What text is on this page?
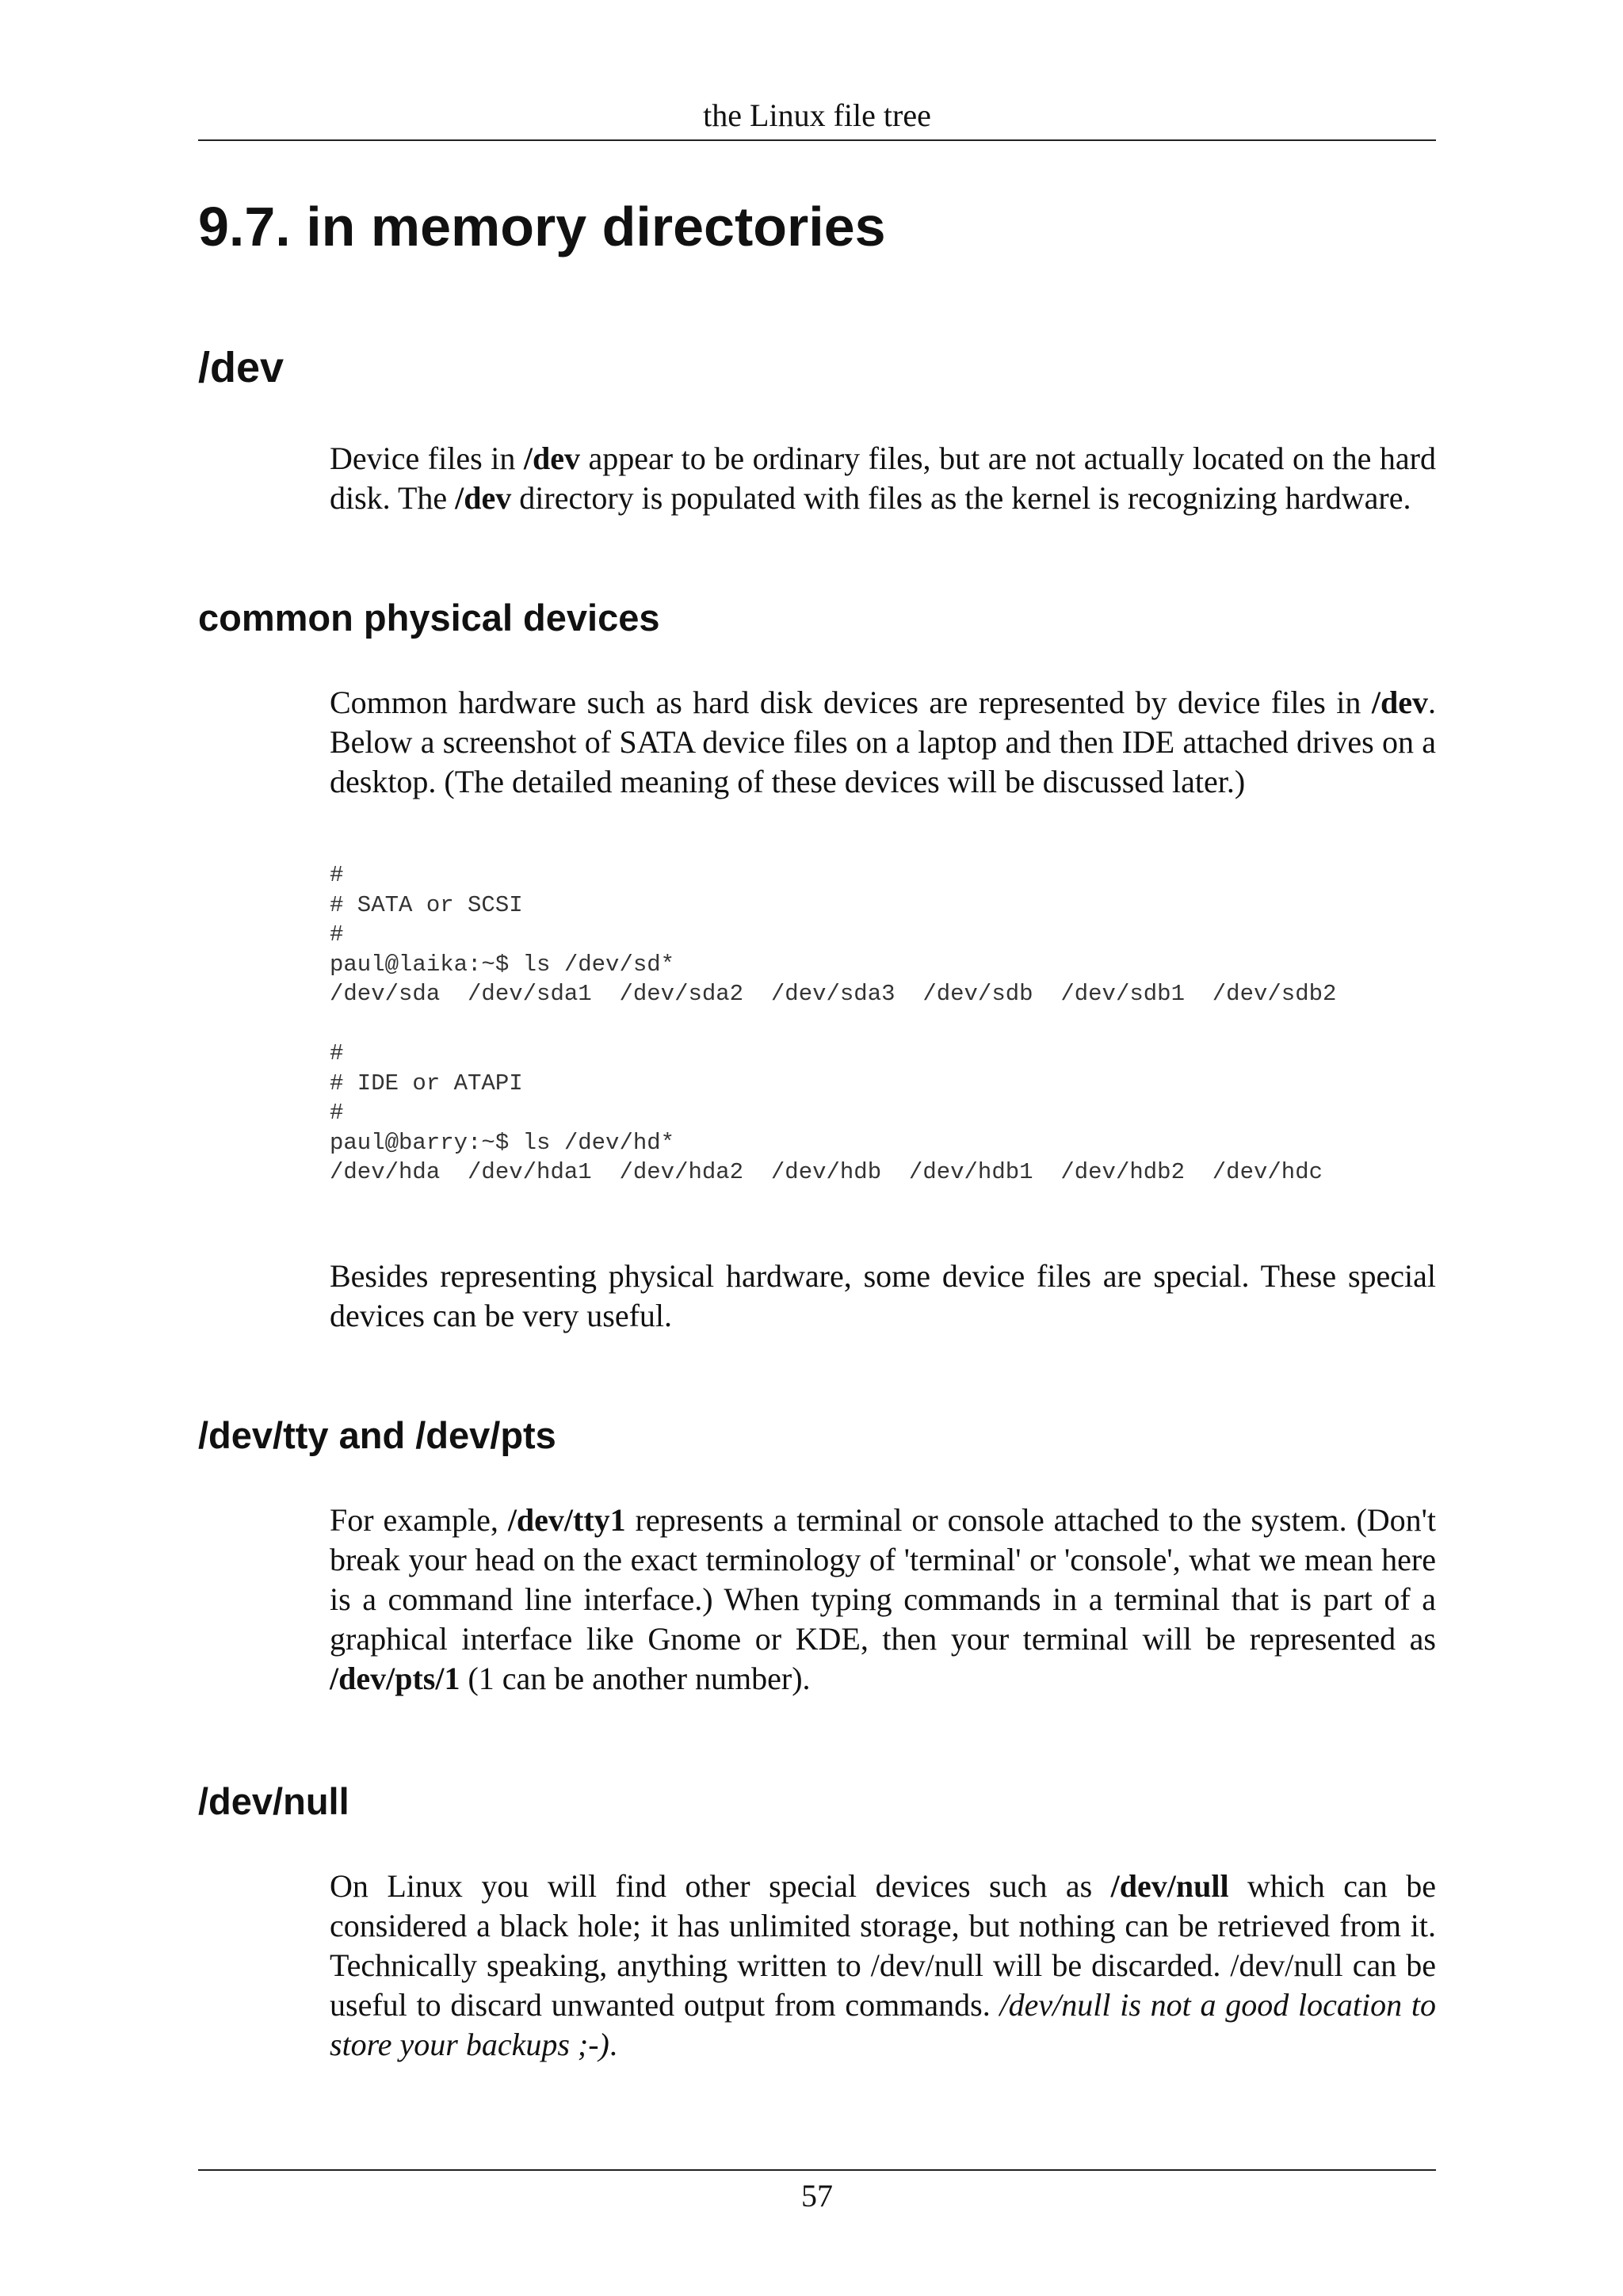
the Linux file tree
9.7. in memory directories
/dev

Device files in /dev appear to be ordinary files, but are not actually located on the hard disk. The /dev directory is populated with files as the kernel is recognizing hardware.

common physical devices

Common hardware such as hard disk devices are represented by device files in /dev. Below a screenshot of SATA device files on a laptop and then IDE attached drives on a desktop. (The detailed meaning of these devices will be discussed later.)

#
# SATA or SCSI
#
paul@laika:~$ ls /dev/sd*
/dev/sda  /dev/sda1  /dev/sda2  /dev/sda3  /dev/sdb  /dev/sdb1  /dev/sdb2

#
# IDE or ATAPI
#
paul@barry:~$ ls /dev/hd*
/dev/hda  /dev/hda1  /dev/hda2  /dev/hdb  /dev/hdb1  /dev/hdb2  /dev/hdc

Besides representing physical hardware, some device files are special. These special devices can be very useful.

/dev/tty and /dev/pts

For example, /dev/tty1 represents a terminal or console attached to the system. (Don't break your head on the exact terminology of 'terminal' or 'console', what we mean here is a command line interface.) When typing commands in a terminal that is part of a graphical interface like Gnome or KDE, then your terminal will be represented as /dev/pts/1 (1 can be another number).

/dev/null

On Linux you will find other special devices such as /dev/null which can be considered a black hole; it has unlimited storage, but nothing can be retrieved from it. Technically speaking, anything written to /dev/null will be discarded. /dev/null can be useful to discard unwanted output from commands. /dev/null is not a good location to store your backups ;-).

57
